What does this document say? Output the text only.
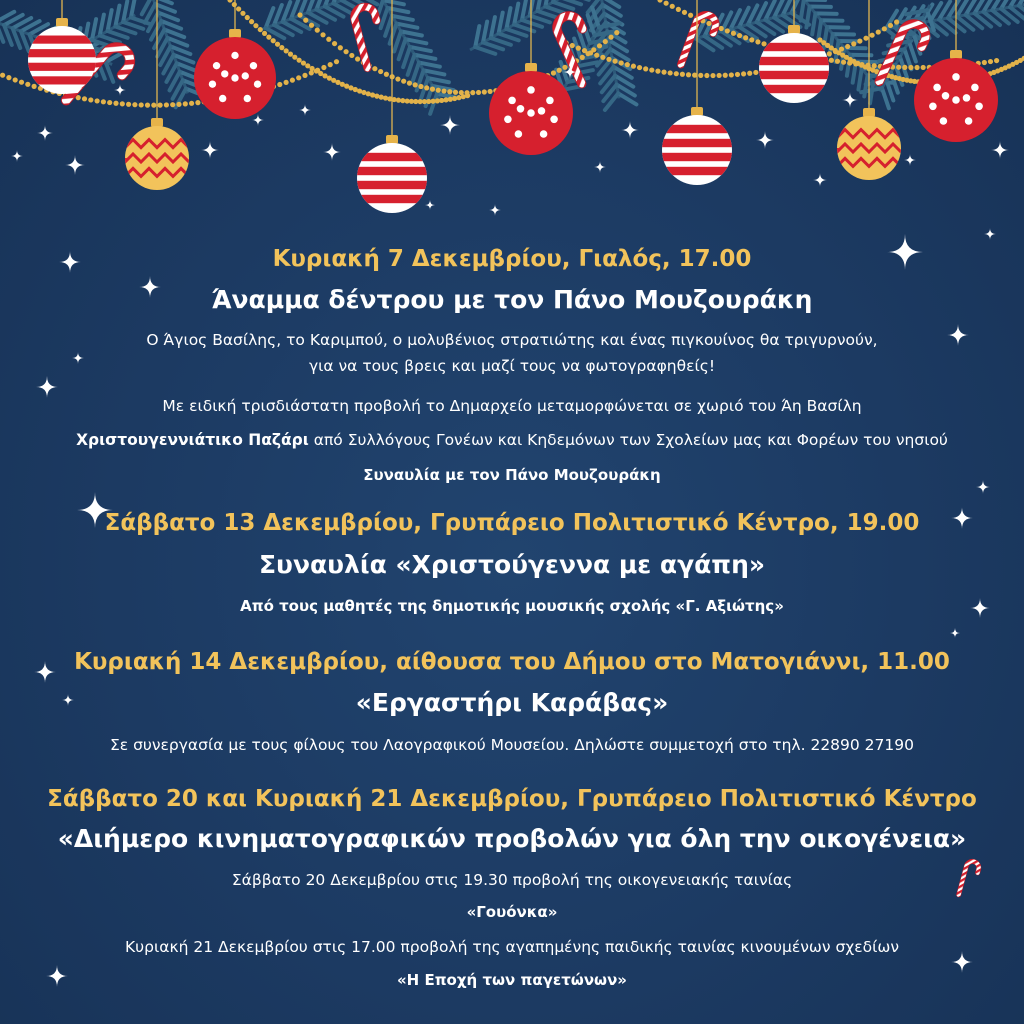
Κυριακή 7 Δεκεμβρίου, Γιαλός, 17.00
Άναμμα δέντρου με τον Πάνο Μουζουράκη
Ο Άγιος Βασίλης, το Καριμπού, ο μολυβένιος στρατιώτης και ένας πιγκουίνος θα τριγυρνούν,
για να τους βρεις και μαζί τους να φωτογραφηθείς!
Με ειδική τρισδιάστατη προβολή το Δημαρχείο μεταμορφώνεται σε χωριό του Άη Βασίλη
Χριστουγεννιάτικο Παζάρι από Συλλόγους Γονέων και Κηδεμόνων των Σχολείων μας και Φορέων του νησιού
Συναυλία με τον Πάνο Μουζουράκη
Σάββατο 13 Δεκεμβρίου, Γρυπάρειο Πολιτιστικό Κέντρο, 19.00
Συναυλία «Χριστούγεννα με αγάπη»
Από τους μαθητές της δημοτικής μουσικής σχολής «Γ. Αξιώτης»
Κυριακή 14 Δεκεμβρίου, αίθουσα του Δήμου στο Ματογιάννι, 11.00
«Εργαστήρι Καράβας»
Σε συνεργασία με τους φίλους του Λαογραφικού Μουσείου. Δηλώστε συμμετοχή στο τηλ. 22890 27190
Σάββατο 20 και Κυριακή 21 Δεκεμβρίου, Γρυπάρειο Πολιτιστικό Κέντρο
«Διήμερο κινηματογραφικών προβολών για όλη την οικογένεια»
Σάββατο 20 Δεκεμβρίου στις 19.30 προβολή της οικογενειακής ταινίας
«Γουόνκα»
Κυριακή 21 Δεκεμβρίου στις 17.00 προβολή της αγαπημένης παιδικής ταινίας κινουμένων σχεδίων
«Η Εποχή των παγετώνων»
